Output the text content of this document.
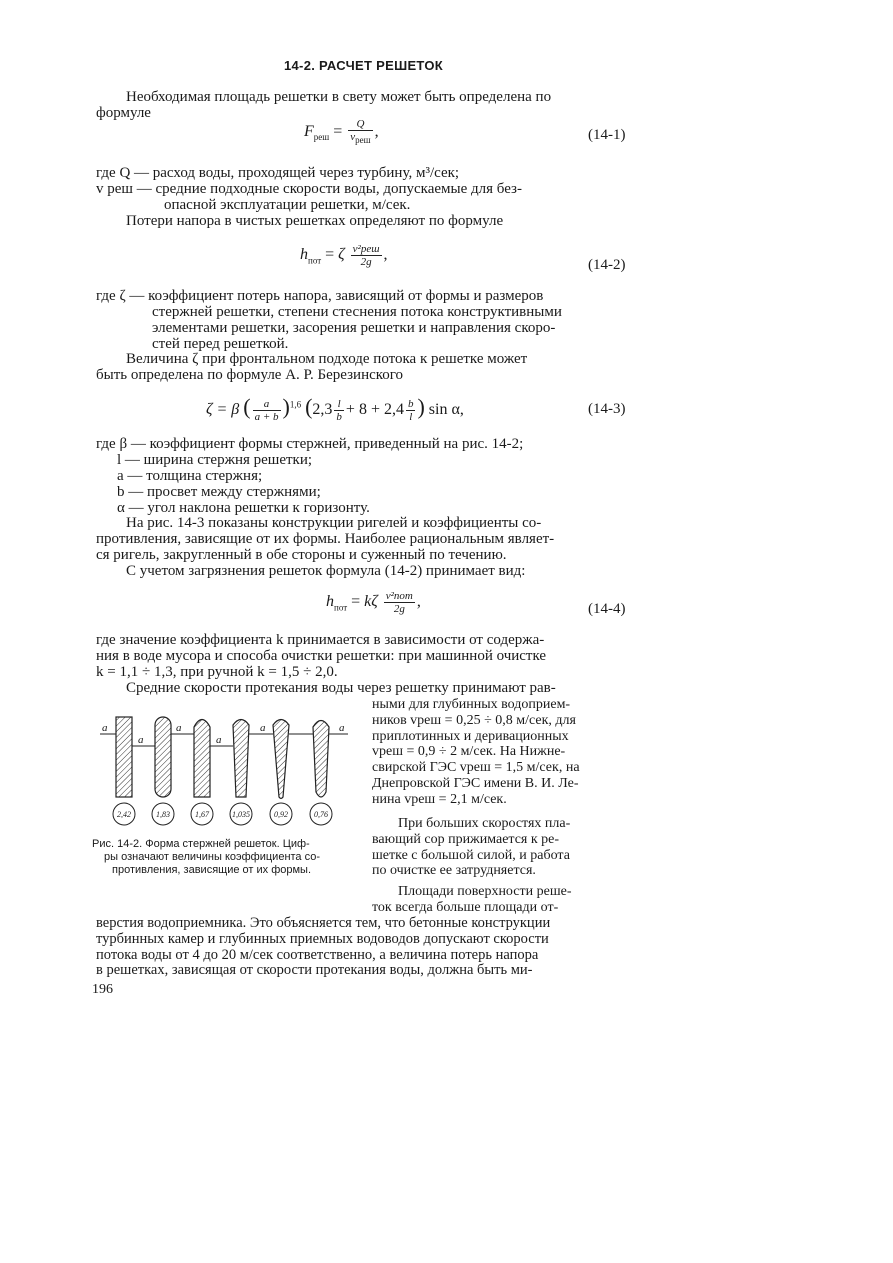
14-2. РАСЧЕТ РЕШЕТОК
Необходимая площадь решетки в свету может быть определена по
формуле
$F_{реш} = \frac{Q}{v_{реш}}$ ,	(14-1)
где Q — расход воды, проходящей через турбину, м³/сек;
v реш — средние подходные скорости воды, допускаемые для без-
опасной эксплуатации решетки, м/сек.
Потери напора в чистых решетках определяют по формуле
$h_{пот} = \zeta \frac{\text{v²реш}}{2g}$ ,
(14-2)
где ζ — коэффициент потерь напора, зависящий от формы и размеров
стержней решетки, степени стеснения потока конструктивными
элементами решетки, засорения решетки и направления скоро-
стей перед решеткой.
Величина ζ при фронтальном подходе потока к решетке может
быть определена по формуле А. Р. Березинского
ζ = β ( $\frac{a}{a + b} )^{1,6}$ ($2,3 \frac{l}{b} + 8 + 2,4 \frac{b}{l}$ ) sin α,	(14-3)
где β — коэффициент формы стержней, приведенный на рис. 14-2;
l — ширина стержня решетки;
a — толщина стержня;
b — просвет между стержнями;
α — угол наклона решетки к горизонту.
На рис. 14-3 показаны конструкции ригелей и коэффициенты со-
противления, зависящие от их формы. Наиболее рациональным являет-
ся ригель, закругленный в обе стороны и суженный по течению.
С учетом загрязнения решеток формула (14-2) принимает вид:
$h_{пот} = k\zeta \frac{\text{v²пот}}{2g}$ ,	(14-4)
где значение коэффициента k принимается в зависимости от содержа-
ния в воде мусора и способа очистки решетки: при машинной очистке
k = 1,1 ÷ 1,3, при ручной k = 1,5 ÷ 2,0.
Средние скорости протекания воды через решетку принимают рав-
ными для глубинных водоприем-
ников vреш = 0,25 ÷ 0,8 м/сек, для
приплотинных и деривационных
vреш = 0,9 ÷ 2 м/сек. На Нижне-
свирской ГЭС vреш = 1,5 м/сек, на
Днепровской ГЭС имени В. И. Ле-
нина vреш = 2,1 м/сек.
При больших скоростях пла-
вающий сор прижимается к ре-
шетке с большой силой, и работа
по очистке ее затрудняется.
Площади поверхности реше-
ток всегда больше площади от-
верстия водоприемника. Это объясняется тем, что бетонные конструкции
турбинных камер и глубинных приемных водоводов допускают скорости
потока воды от 4 до 20 м/сек соответственно, а величина потерь напора
в решетках, зависящая от скорости протекания воды, должна быть ми-
a
a
a
a
a	a
2,42	1,83	1,67	1,035	0,92	0,76
Рис. 14-2. Форма стержней решеток. Циф-
ры означают величины коэффициента со-
противления, зависящие от их формы.
196
